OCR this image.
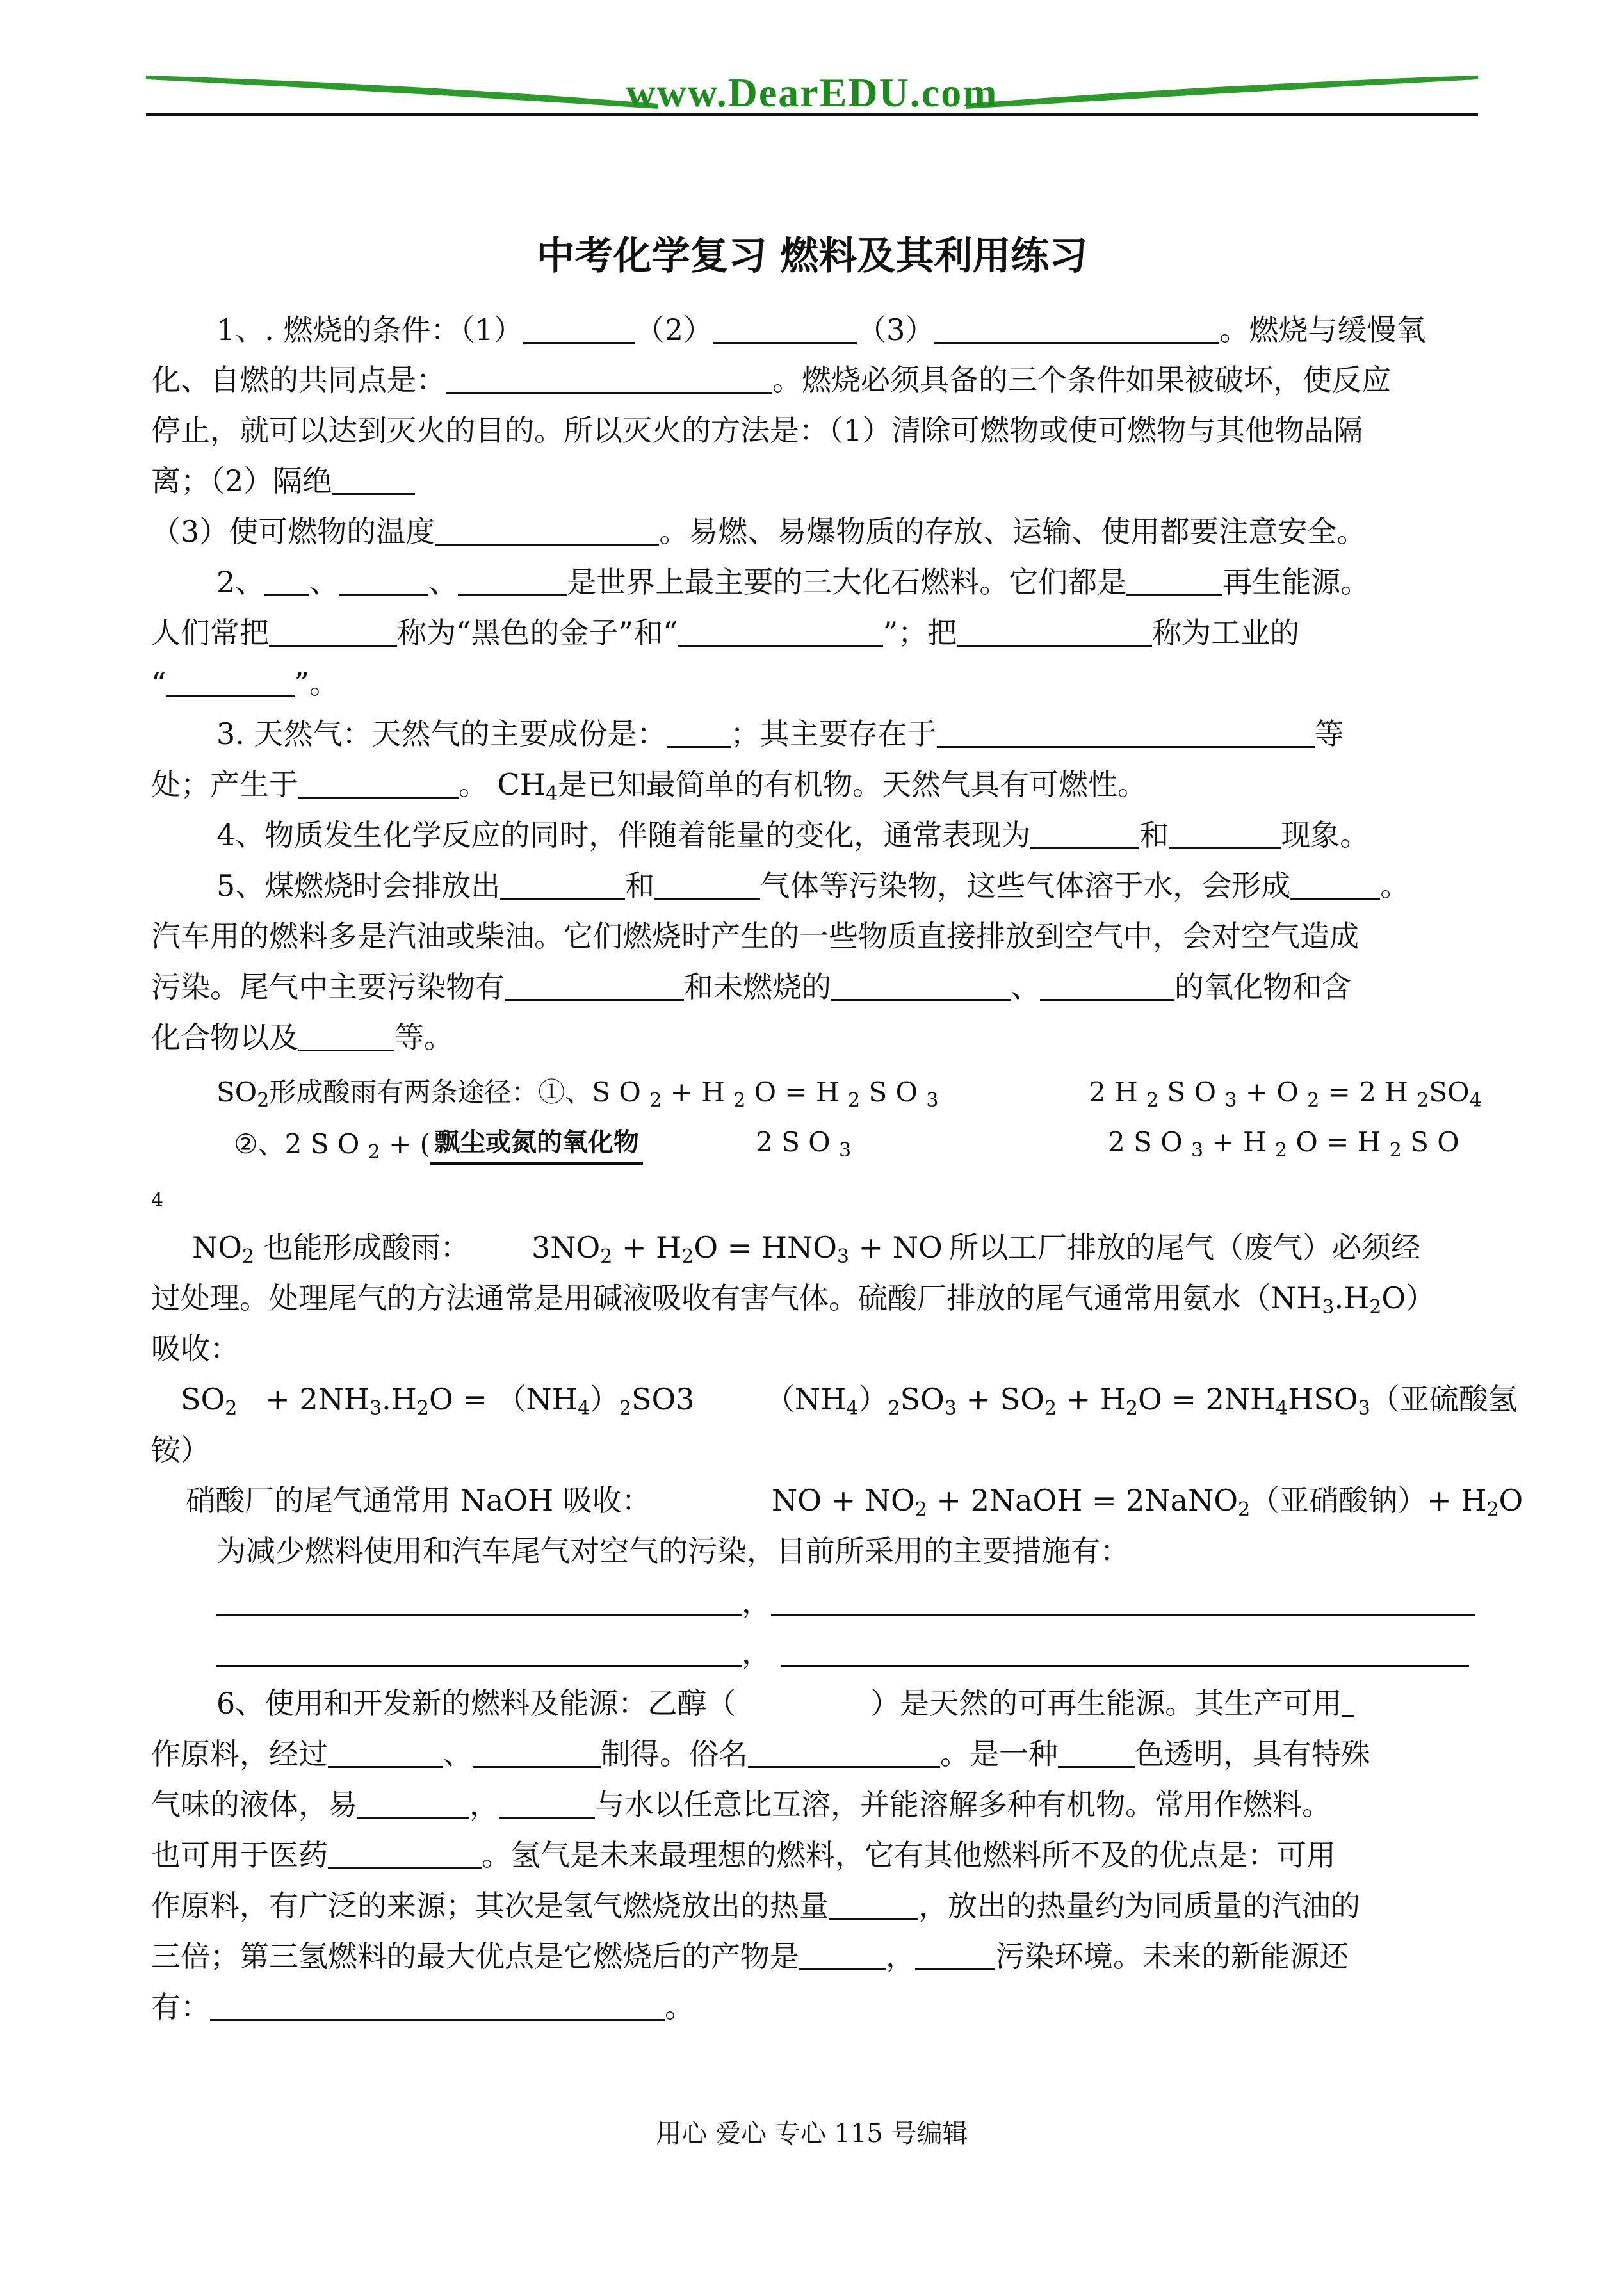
www.DearEDU.com
中考化学复习 燃料及其利用练习
1、. 燃烧的条件：（1）	（2）	（3）	。燃烧与缓慢氧
化、自燃的共同点是：	。燃烧必须具备的三个条件如果被破坏，使反应
停止，就可以达到灭火的目的。所以灭火的方法是：（1）清除可燃物或使可燃物与其他物品隔
离；（2）隔绝
（3）使可燃物的温度	。易燃、易爆物质的存放、运输、使用都要注意安全。
2、 、	、	是世界上最主要的三大化石燃料。它们都是	再生能源。
人们常把	称为“黑色的金子”和“	”；把	称为工业的
“	”。
3. 天然气：天然气的主要成份是： ；其主要存在于	等
处；产生于	。 $CH_4$是已知最简单的有机物。天然气具有可燃性。
4、物质发生化学反应的同时，伴随着能量的变化，通常表现为	和	现象。
5、煤燃烧时会排放出	和	气体等污染物，这些气体溶于水，会形成	。
汽车用的燃料多是汽油或柴油。它们燃烧时产生的一些物质直接排放到空气中，会对空气造成
污染。尾气中主要污染物有	和未燃烧的	、	的氧化物和含
化合物以及	等。
$SO_2$形成酸雨有两条途径：①、S O $_2$ + H $_2$ O = H $_2$ S O $_3$	2 H $_2$ S O $_3$ + O $_2$ = 2 H $_2SO_4$
②、2 S O $_2$ + ( 飘尘或氮的氧化物	2 S O $_3$	2 S O $_3$ + H $_2$ O = H $_2$ S O
4
$NO_2$ 也能形成酸雨： $3NO_2 + H_2O = HNO_3$ + NO 所以工厂排放的尾气（废气）必须经
过处理。处理尾气的方法通常是用碱液吸收有害气体。硫酸厂排放的尾气通常用氨水$(NH_3.H_2O)$
吸收：
$SO_2 + 2NH_3.H_2O = (NH_4)_2SO3$ $(NH_4)_2SO_3 + SO_2 + H_2O = 2NH_4HSO_3$（亚硫酸氢
铵）
硝酸厂的尾气通常用 NaOH 吸收：	NO + $NO_2$ + 2NaOH = 2NaNO$_2$（亚硝酸钠）+ $H_2O$
为减少燃料使用和汽车尾气对空气的污染，目前所采用的主要措施有：
，
，
6、使用和开发新的燃料及能源：乙醇（	）是天然的可再生能源。其生产可用
作原料，经过	、	制得。俗名	。是一种	色透明，具有特殊
气味的液体，易	，	与水以任意比互溶，并能溶解多种有机物。常用作燃料。
也可用于医药	。氢气是未来最理想的燃料，它有其他燃料所不及的优点是：可用
作原料，有广泛的来源；其次是氢气燃烧放出的热量	，放出的热量约为同质量的汽油的
三倍；第三氢燃料的最大优点是它燃烧后的产物是	，	污染环境。未来的新能源还
有：	。
用心 爱心 专心 115 号编辑
